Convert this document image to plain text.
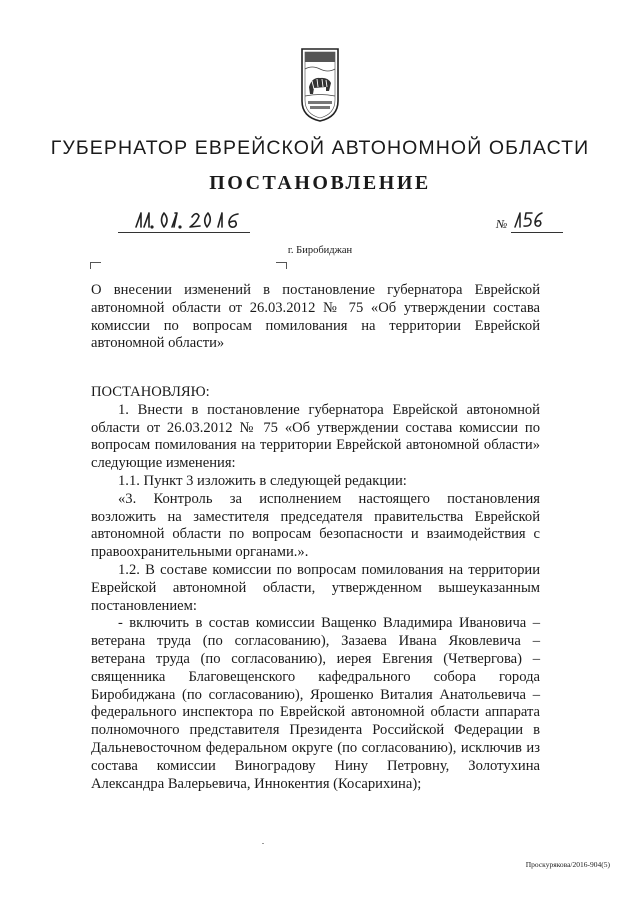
ГУБЕРНАТОР ЕВРЕЙСКОЙ АВТОНОМНОЙ ОБЛАСТИ
ПОСТАНОВЛЕНИЕ
№
г. Биробиджан

О внесении изменений в постановление губернатора Еврейской автономной области от 26.03.2012 № 75 «Об утверждении состава комиссии по вопросам помилования на территории Еврейской автономной области»

ПОСТАНОВЛЯЮ:

1. Внести в постановление губернатора Еврейской автономной области от 26.03.2012 № 75 «Об утверждении состава комиссии по вопросам помилования на территории Еврейской автономной области» следующие изменения:

1.1. Пункт 3 изложить в следующей редакции:

«3. Контроль за исполнением настоящего постановления возложить на заместителя председателя правительства Еврейской автономной области по вопросам безопасности и взаимодействия с правоохранительными органами.».

1.2. В составе комиссии по вопросам помилования на территории Еврейской автономной области, утвержденном вышеуказанным постановлением:

- включить в состав комиссии Ващенко Владимира Ивановича – ветерана труда (по согласованию), Зазаева Ивана Яковлевича – ветерана труда (по согласованию), иерея Евгения (Четвергова) – священника Благовещенского кафедрального собора города Биробиджана (по согласованию), Ярошенко Виталия Анатольевича – федерального инспектора по Еврейской автономной области аппарата полномочного представителя Президента Российской Федерации в Дальневосточном федеральном округе (по согласованию), исключив из состава комиссии Виноградову Нину Петровну, Золотухина Александра Валерьевича, Иннокентия (Косарихина);

Проскурякова/2016-904(5)
